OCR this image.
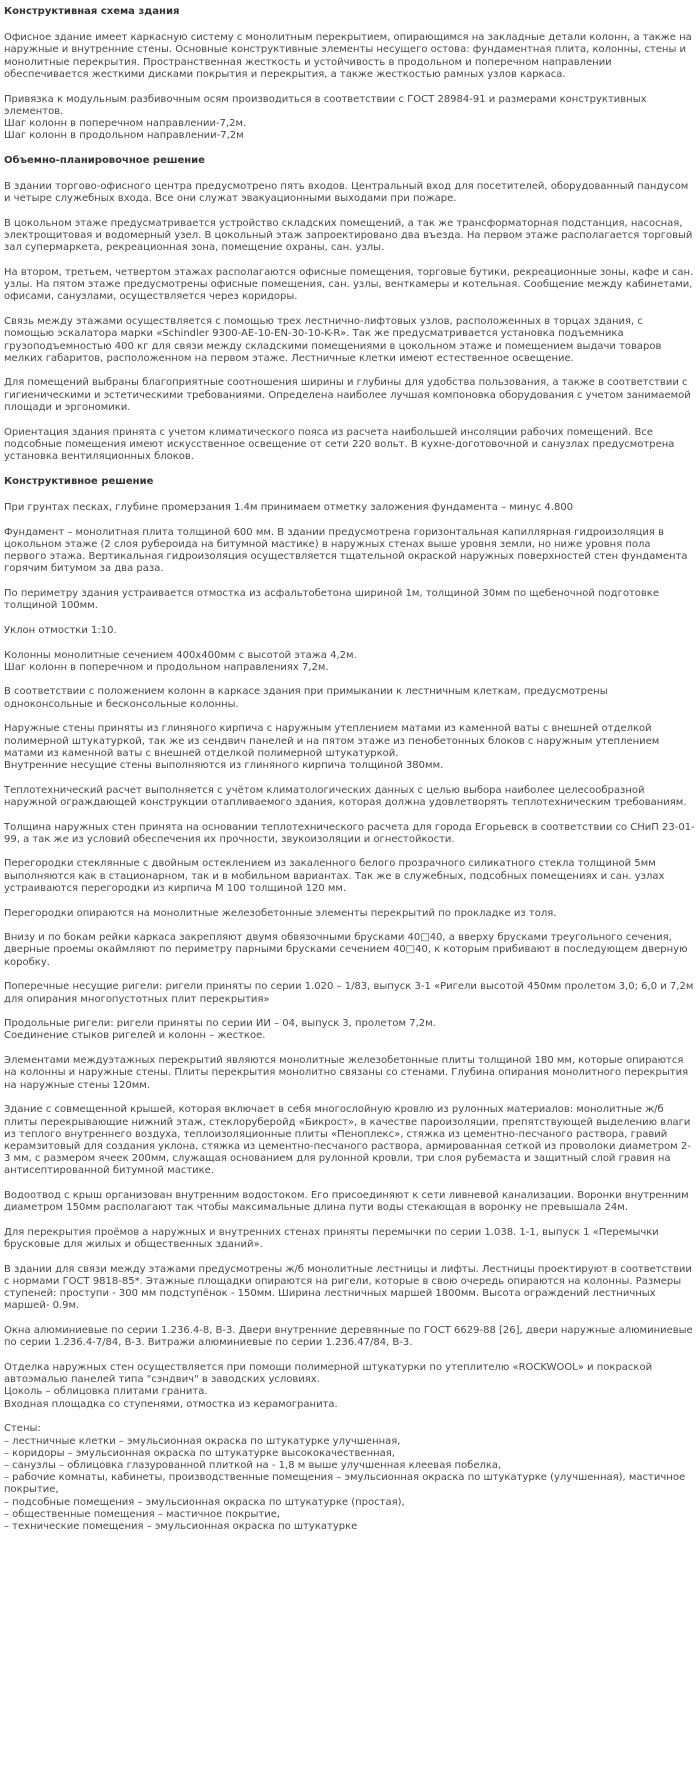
Конструктивная схема здания
Офисное здание имеет каркасную систему с монолитным перекрытием, опирающимся на закладные детали колонн, а также на наружные и внутренние стены. Основные конструктивные элементы несущего остова: фундаментная плита, колонны, стены и монолитные перекрытия. Пространственная жесткость и устойчивость в продольном и поперечном направлении обеспечивается жесткими дисками покрытия и перекрытия, а также жесткостью рамных узлов каркаса.
Привязка к модульным разбивочным осям производиться в соответствии с ГОСТ 28984-91 и размерами конструктивных элементов.
Шаг колонн в поперечном направлении-7,2м.
Шаг колонн в продольном направлении-7,2м
Объемно-планировочное решение
В здании торгово-офисного центра предусмотрено пять входов. Центральный вход для посетителей, оборудованный пандусом и четыре служебных входа. Все они служат эвакуационными выходами при пожаре.
В цокольном этаже предусматривается устройство складских помещений, а так же трансформаторная подстанция, насосная, электрощитовая и водомерный узел. В цокольный этаж запроектировано два въезда. На первом этаже располагается торговый зал супермаркета, рекреационная зона, помещение охраны, сан. узлы.
На втором, третьем, четвертом этажах располагаются офисные помещения, торговые бутики, рекреационные зоны, кафе и сан. узлы. На пятом этаже предусмотрены офисные помещения, сан. узлы, венткамеры и котельная. Сообщение между кабинетами, офисами, санузлами, осуществляется через коридоры.
Связь между этажами осуществляется с помощью трех лестнично-лифтовых узлов, расположенных в торцах здания, с помощью эскалатора марки «Schindler 9300-AE-10-EN-30-10-K-R». Так же предусматривается установка подъемника грузоподъемностью 400 кг для связи между складскими помещениями в цокольном этаже и помещением выдачи товаров мелких габаритов, расположенном на первом этаже. Лестничные клетки имеют естественное освещение.
Для помещений выбраны благоприятные соотношения ширины и глубины для удобства пользования, а также в соответствии с гигиеническими и эстетическими требованиями. Определена наиболее лучшая компоновка оборудования с учетом занимаемой площади и эргономики.
Ориентация здания принята с учетом климатического пояса из расчета наибольшей инсоляции рабочих помещений. Все подсобные помещения имеют искусственное освещение от сети 220 вольт. В кухне-доготовочной и санузлах предусмотрена установка вентиляционных блоков.
Конструктивное решение
При грунтах песках, глубине промерзания 1.4м принимаем отметку заложения фундамента – минус 4.800
Фундамент – монолитная плита толщиной 600 мм. В здании предусмотрена горизонтальная капиллярная гидроизоляция в цокольном этаже (2 слоя рубероида на битумной мастике) в наружных стенах выше уровня земли, но ниже уровня пола первого этажа. Вертикальная гидроизоляция осуществляется тщательной окраской наружных поверхностей стен фундамента горячим битумом за два раза.
По периметру здания устраивается отмостка из асфальтобетона шириной 1м, толщиной 30мм по щебеночной подготовке толщиной 100мм.
Уклон отмостки 1:10.
Колонны монолитные сечением 400x400мм с высотой этажа 4,2м.
Шаг колонн в поперечном и продольном направлениях 7,2м.
В соответствии с положением колонн в каркасе здания при примыкании к лестничным клеткам, предусмотрены одноконсольные и бесконсольные колонны.
Наружные стены приняты из глиняного кирпича с наружным утеплением матами из каменной ваты с внешней отделкой полимерной штукатуркой, так же из сендвич панелей и на пятом этаже из пенобетонных блоков с наружным утеплением матами из каменной ваты с внешней отделкой полимерной штукатуркой.
Внутренние несущие стены выполняются из глиняного кирпича толщиной 380мм.
Теплотехнический расчет выполняется с учётом климатологических данных с целью выбора наиболее целесообразной наружной ограждающей конструкции отапливаемого здания, которая должна удовлетворять теплотехническим требованиям.
Толщина наружных стен принята на основании теплотехнического расчета для города Егорьевск в соответствии со СНиП 23-01-99, а так же из условий обеспечения их прочности, звукоизоляции и огнестойкости.
Перегородки стеклянные с двойным остеклением из закаленного белого прозрачного силикатного стекла толщиной 5мм выполняются как в стационарном, так и в мобильном вариантах. Так же в служебных, подсобных помещениях и сан. узлах устраиваются перегородки из кирпича М 100 толщиной 120 мм.
Перегородки опираются на монолитные железобетонные элементы перекрытий по прокладке из толя.
Внизу и по бокам рейки каркаса закрепляют двумя обвязочными брусками 40□40, а вверху брусками треугольного сечения, дверные проемы окаймляют по периметру парными брусками сечением 40□40, к которым прибивают в последующем дверную коробку.
Поперечные несущие ригели: ригели приняты по серии 1.020 – 1/83, выпуск 3-1 «Ригели высотой 450мм пролетом 3,0; 6,0 и 7,2м для опирания многопустотных плит перекрытия»
Продольные ригели: ригели приняты по серии ИИ – 04, выпуск 3, пролетом 7,2м.
Соединение стыков ригелей и колонн – жесткое.
Элементами междуэтажных перекрытий являются монолитные железобетонные плиты толщиной 180 мм, которые опираются на колонны и наружные стены. Плиты перекрытия монолитно связаны со стенами. Глубина опирания монолитного перекрытия на наружные стены 120мм.
Здание с совмещенной крышей, которая включает в себя многослойную кровлю из рулонных материалов: монолитные ж/б плиты перекрывающие нижний этаж, стеклоруберойд «Бикрост», в качестве пароизоляции, препятствующей выделению влаги из теплого внутреннего воздуха, теплоизоляционные плиты «Пеноплекс», стяжка из цементно-песчаного раствора, гравий керамзитовый для создания уклона, стяжка из цементно-песчаного раствора, армированная сеткой из проволоки диаметром 2-3 мм, с размером ячеек 200мм, служащая основанием для рулонной кровли, три слоя рубемаста и защитный слой гравия на антисептированной битумной мастике.
Водоотвод с крыш организован внутренним водостоком. Его присоединяют к сети ливневой канализации. Воронки внутренним диаметром 150мм располагают так чтобы максимальные длина пути воды стекающая в воронку не превышала 24м.
Для перекрытия проёмов а наружных и внутренних стенах приняты перемычки по серии 1.038. 1-1, выпуск 1 «Перемычки брусковые для жилых и общественных зданий».
В здании для связи между этажами предусмотрены ж/б монолитные лестницы и лифты. Лестницы проектируют в соответствии с нормами ГОСТ 9818-85*. Этажные площадки опираются на ригели, которые в свою очередь опираются на колонны. Размеры ступеней: проступи - 300 мм подступёнок - 150мм. Ширина лестничных маршей 1800мм. Высота ограждений лестничных маршей- 0.9м.
Окна алюминиевые по серии 1.236.4-8, В-3. Двери внутренние деревянные по ГОСТ 6629-88 [26], двери наружные алюминиевые по серии 1.236.4-7/84, В-3. Витражи алюминиевые по серии 1.236.47/84, В-3.
Отделка наружных стен осуществляется при помощи полимерной штукатурки по утеплителю «ROCKWOOL» и покраской автоэмалью панелей типа "сэндвич" в заводских условиях.
Цоколь – облицовка плитами гранита.
Входная площадка со ступенями, отмостка из керамогранита.
Стены:
– лестничные клетки – эмульсионная окраска по штукатурке улучшенная,
– коридоры – эмульсионная окраска по штукатурке высококачественная,
– санузлы – облицовка глазурованной плиткой на - 1,8 м выше улучшенная клеевая побелка,
– рабочие комнаты, кабинеты, производственные помещения – эмульсионная окраска по штукатурке (улучшенная), мастичное покрытие,
– подсобные помещения – эмульсионная окраска по штукатурке (простая),
– общественные помещения – мастичное покрытие,
– технические помещения – эмульсионная окраска по штукатурке
